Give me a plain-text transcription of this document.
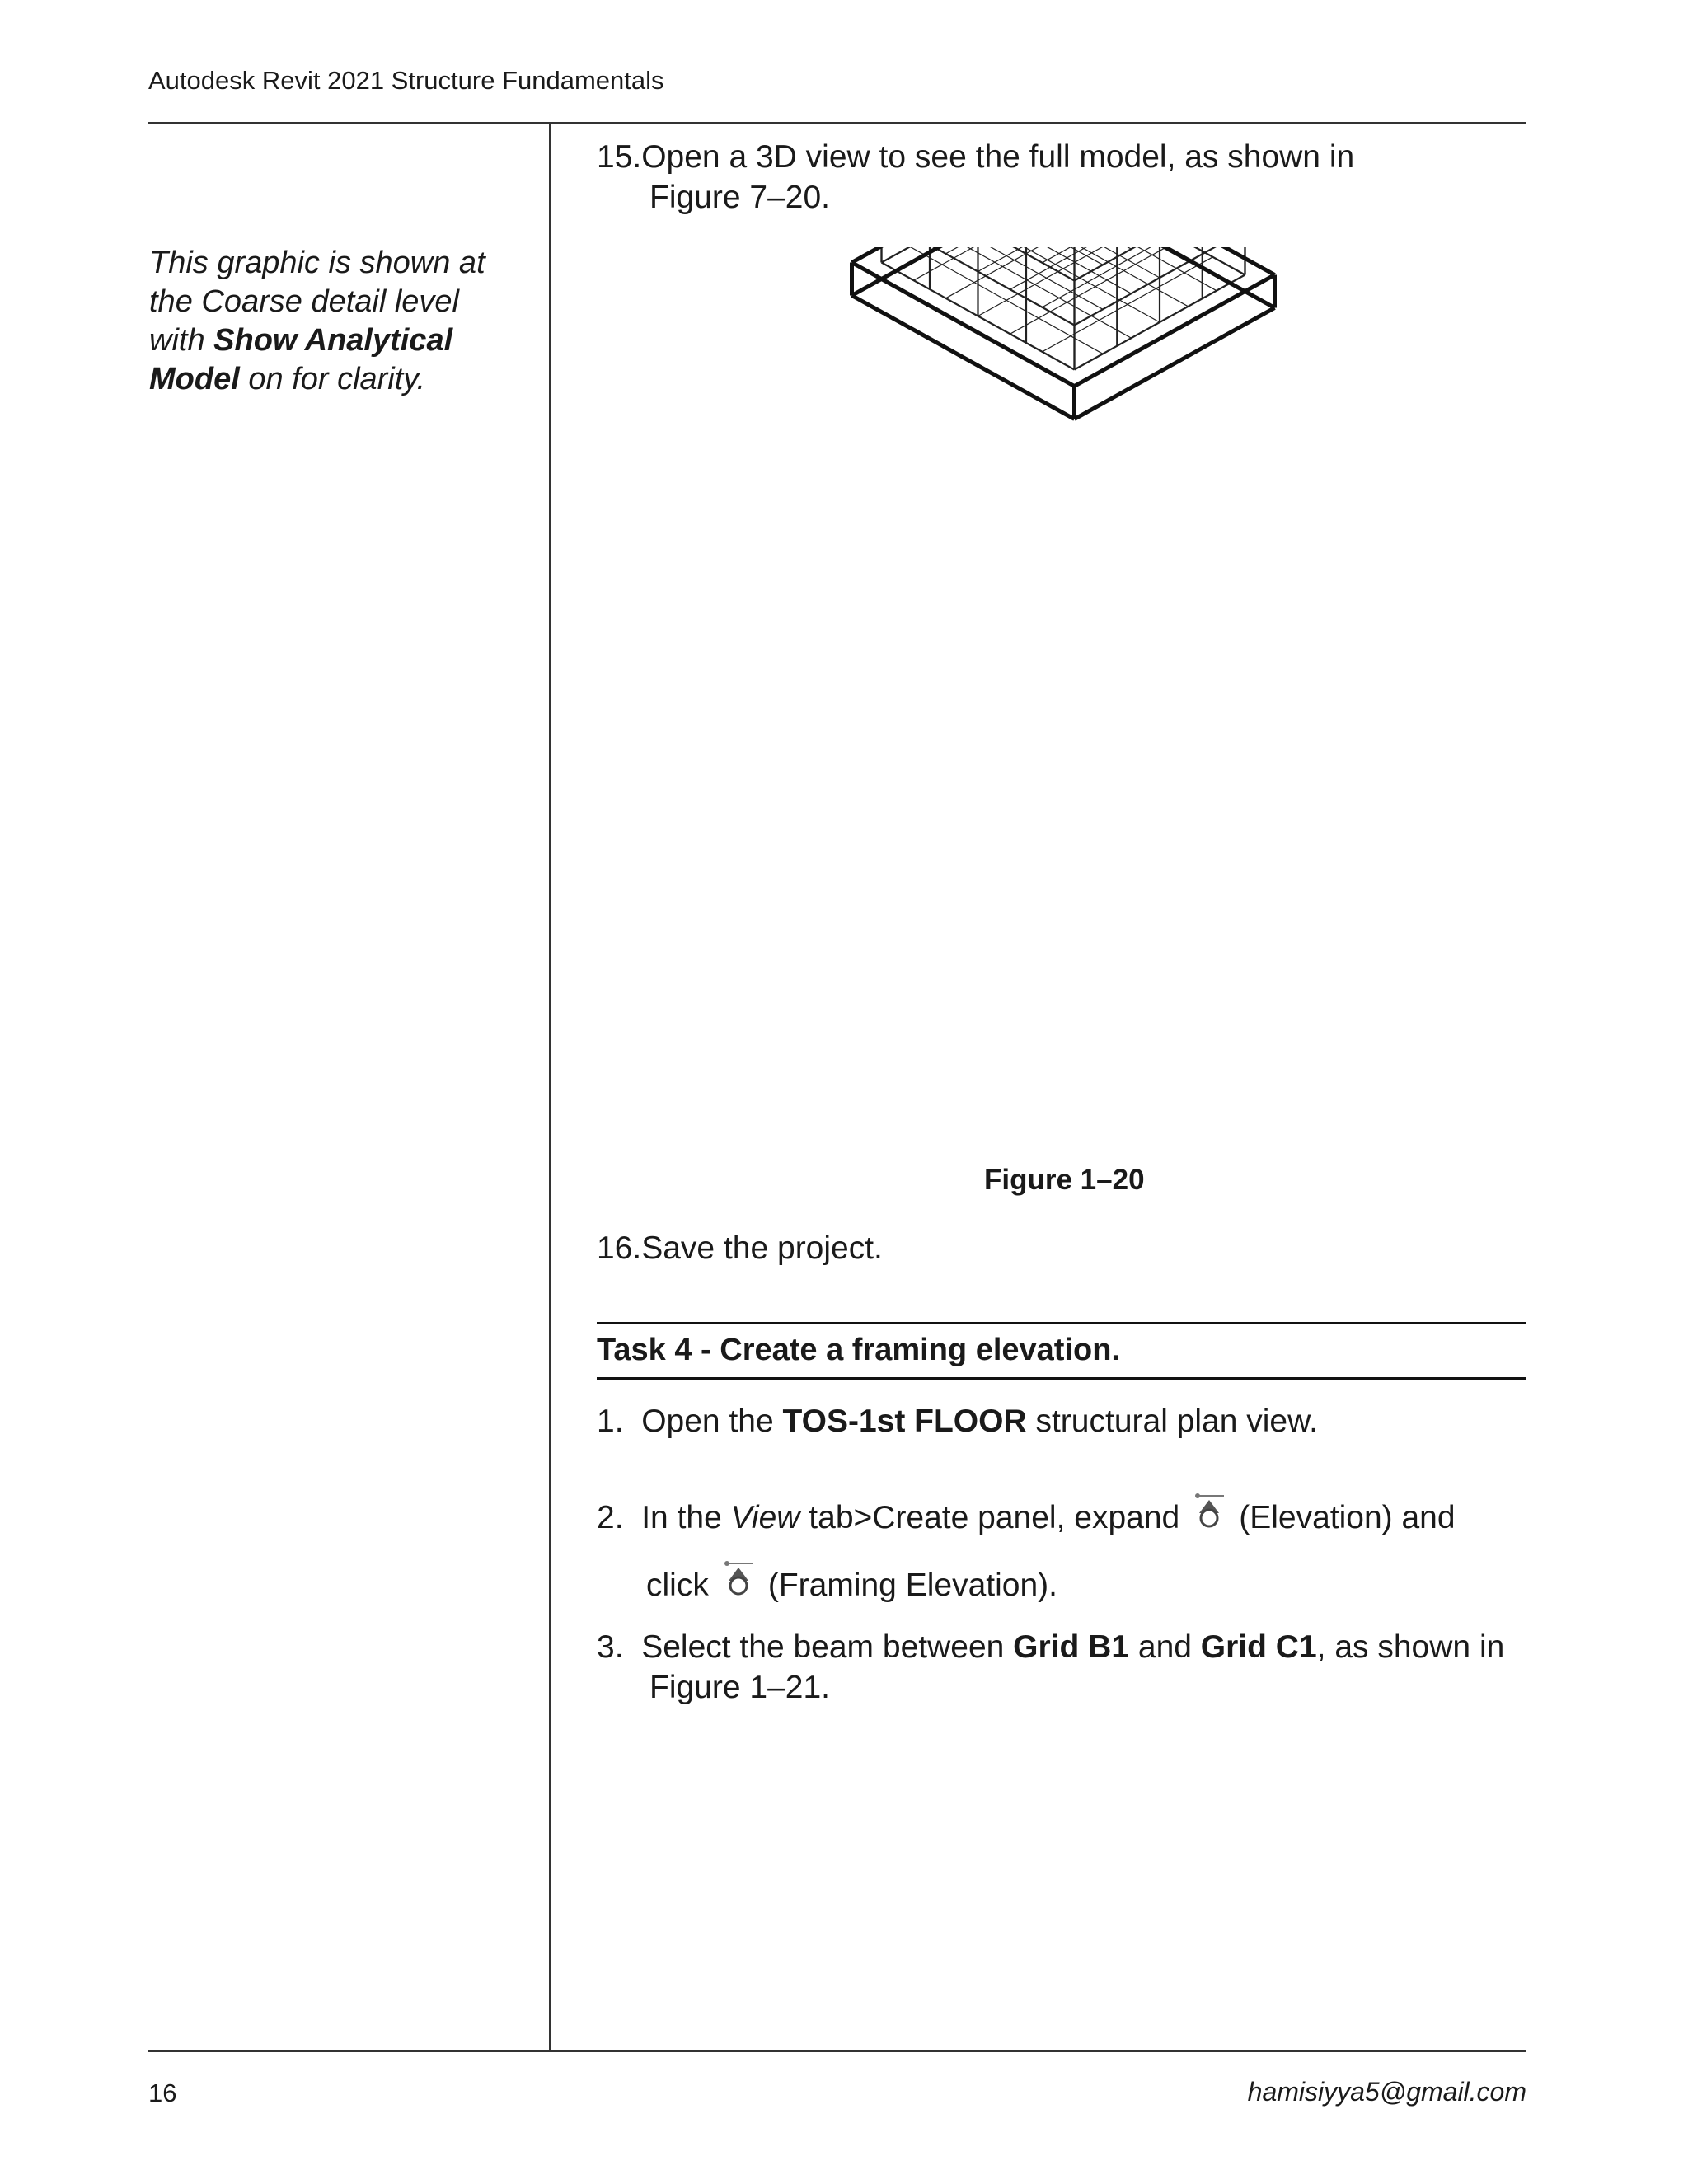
Autodesk Revit 2021 Structure Fundamentals
This graphic is shown at the Coarse detail level with Show Analytical Model on for clarity.
15.Open a 3D view to see the full model, as shown in
Figure 7–20.
Figure 1–20
16.Save the project.
Task 4 - Create a framing elevation.
1. Open the TOS-1st FLOOR structural plan view.
2. In the View tab>Create panel, expand (Elevation) and
click (Framing Elevation).
3. Select the beam between Grid B1 and Grid C1, as shown in
Figure 1–21.
16	hamisiyya5@gmail.com
